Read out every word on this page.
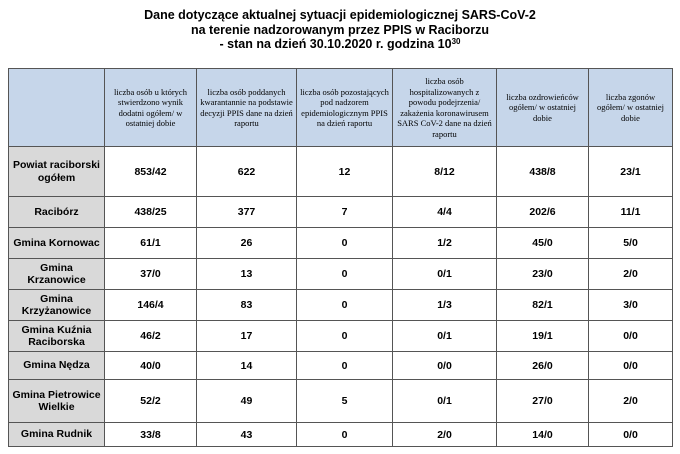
Dane dotyczące aktualnej sytuacji epidemiologicznej SARS-CoV-2
na terenie nadzorowanym przez PPIS w Raciborzu
- stan na dzień 30.10.2020 r. godzina $10^{30}$
	liczba osób u których stwierdzono wynik dodatni ogółem/ w ostatniej dobie	liczba osób poddanych kwarantannie na podstawie decyzji PPIS dane na dzień raportu	liczba osób pozostających pod nadzorem epidemiologicznym PPIS na dzień raportu	liczba osób hospitalizowanych z powodu podejrzenia/ zakażenia koronawirusem SARS CoV-2 dane na dzień raportu	liczba ozdrowieńców ogółem/ w ostatniej dobie	liczba zgonów ogółem/ w ostatniej dobie
Powiat raciborski ogółem	853/42	622	12	8/12	438/8	23/1
Racibórz	438/25	377	7	4/4	202/6	11/1
Gmina Kornowac	61/1	26	0	1/2	45/0	5/0
Gmina Krzanowice	37/0	13	0	0/1	23/0	2/0
Gmina Krzyżanowice	146/4	83	0	1/3	82/1	3/0
Gmina Kuźnia Raciborska	46/2	17	0	0/1	19/1	0/0
Gmina Nędza	40/0	14	0	0/0	26/0	0/0
Gmina Pietrowice Wielkie	52/2	49	5	0/1	27/0	2/0
Gmina Rudnik	33/8	43	0	2/0	14/0	0/0
